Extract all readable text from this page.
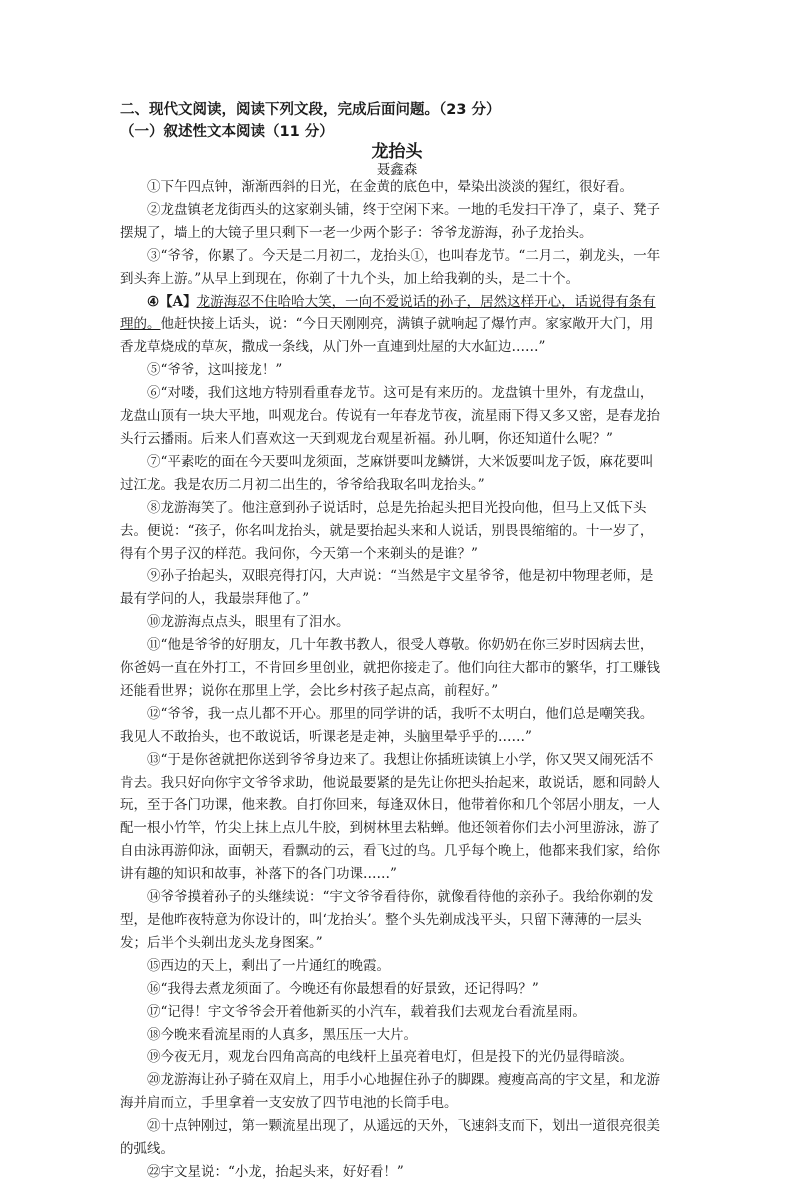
二、现代文阅读，阅读下列文段，完成后面问题。（23 分）
（一）叙述性文本阅读（11 分）
龙抬头
聂鑫森

①下午四点钟，渐渐西斜的日光，在金黄的底色中，晕染出淡淡的猩红，很好看。

②龙盘镇老龙街西头的这家剃头铺，终于空闲下来。一地的毛发扫干净了，桌子、凳子摆規了，墙上的大镜子里只剩下一老一少两个影子：爷爷龙游海，孙子龙抬头。

③“爷爷，你累了。今天是二月初二，龙抬头①，也叫春龙节。“二月二，剃龙头，一年到头奔上游。”从早上到现在，你剃了十九个头，加上给我剃的头，是二十个。

④【A】龙游海忍不住哈哈大笑，一向不爱说话的孙子，居然这样开心，话说得有条有理的。他赶快接上话头，说：“今日天刚刚亮，满镇子就响起了爆竹声。家家敞开大门，用香龙草烧成的草灰，撒成一条线，从门外一直連到灶屋的大水缸边……”

⑤“爷爷，这叫接龙！”

⑥“对喽，我们这地方特别看重春龙节。这可是有来历的。龙盘镇十里外，有龙盘山，龙盘山顶有一块大平地，叫观龙台。传说有一年春龙节夜，流星雨下得又多又密，是春龙抬头行云播雨。后来人们喜欢这一天到观龙台观星祈福。孙儿啊，你还知道什么呢？”

⑦“平素吃的面在今天要叫龙须面，芝麻饼要叫龙鳞饼，大米饭要叫龙子饭，麻花要叫过江龙。我是农历二月初二出生的，爷爷给我取名叫龙抬头。”

⑧龙游海笑了。他注意到孙子说话时，总是先抬起头把目光投向他，但马上又低下头去。便说：“孩子，你名叫龙抬头，就是要抬起头来和人说话，别畏畏缩缩的。十一岁了，得有个男子汉的样范。我问你，今天第一个来剃头的是谁？”

⑨孙子抬起头，双眼亮得打闪，大声说：“当然是宇文星爷爷，他是初中物理老师，是最有学问的人，我最崇拜他了。”

⑩龙游海点点头，眼里有了泪水。

⑪“他是爷爷的好朋友，几十年教书教人，很受人尊敬。你奶奶在你三岁时因病去世，你爸妈一直在外打工，不肯回乡里创业，就把你接走了。他们向往大都市的繁华，打工赚钱还能看世界；说你在那里上学，会比乡村孩子起点高，前程好。”

⑫“爷爷，我一点儿都不开心。那里的同学讲的话，我听不太明白，他们总是嘲笑我。我见人不敢抬头，也不敢说话，听课老是走神，头脑里晕乎乎的……”

⑬“于是你爸就把你送到爷爷身边来了。我想让你插班读镇上小学，你又哭又闹死活不肯去。我只好向你宇文爷爷求助，他说最要紧的是先让你把头抬起来，敢说话，愿和同龄人玩，至于各门功课，他来教。自打你回来，每逢双休日，他带着你和几个邻居小朋友，一人配一根小竹竿，竹尖上抹上点儿牛胶，到树林里去粘蝉。他还领着你们去小河里游泳，游了自由泳再游仰泳，面朝天，看飘动的云，看飞过的鸟。几乎每个晚上，他都来我们家，给你讲有趣的知识和故事，补落下的各门功课……”

⑭爷爷摸着孙子的头继续说：“宇文爷爷看待你，就像看待他的亲孙子。我给你剃的发型，是他昨夜特意为你设计的，叫‘龙抬头’。整个头先剃成浅平头，只留下薄薄的一层头发；后半个头剃出龙头龙身图案。”

⑮西边的天上，剩出了一片通红的晚霞。

⑯“我得去煮龙须面了。今晚还有你最想看的好景致，还记得吗？”

⑰“记得！宇文爷爷会开着他新买的小汽车，载着我们去观龙台看流星雨。

⑱今晚来看流星雨的人真多，黑压压一大片。

⑲今夜无月，观龙台四角高高的电线杆上虽亮着电灯，但是投下的光仍显得暗淡。

⑳龙游海让孙子骑在双肩上，用手小心地握住孙子的脚踝。瘦瘦高高的宇文星，和龙游海并肩而立，手里拿着一支安放了四节电池的长筒手电。

㉑十点钟刚过，第一颗流星出现了，从遥远的天外，飞速斜支而下，划出一道很亮很美的弧线。

㉒宇文星说：“小龙，抬起头来，好好看！”
